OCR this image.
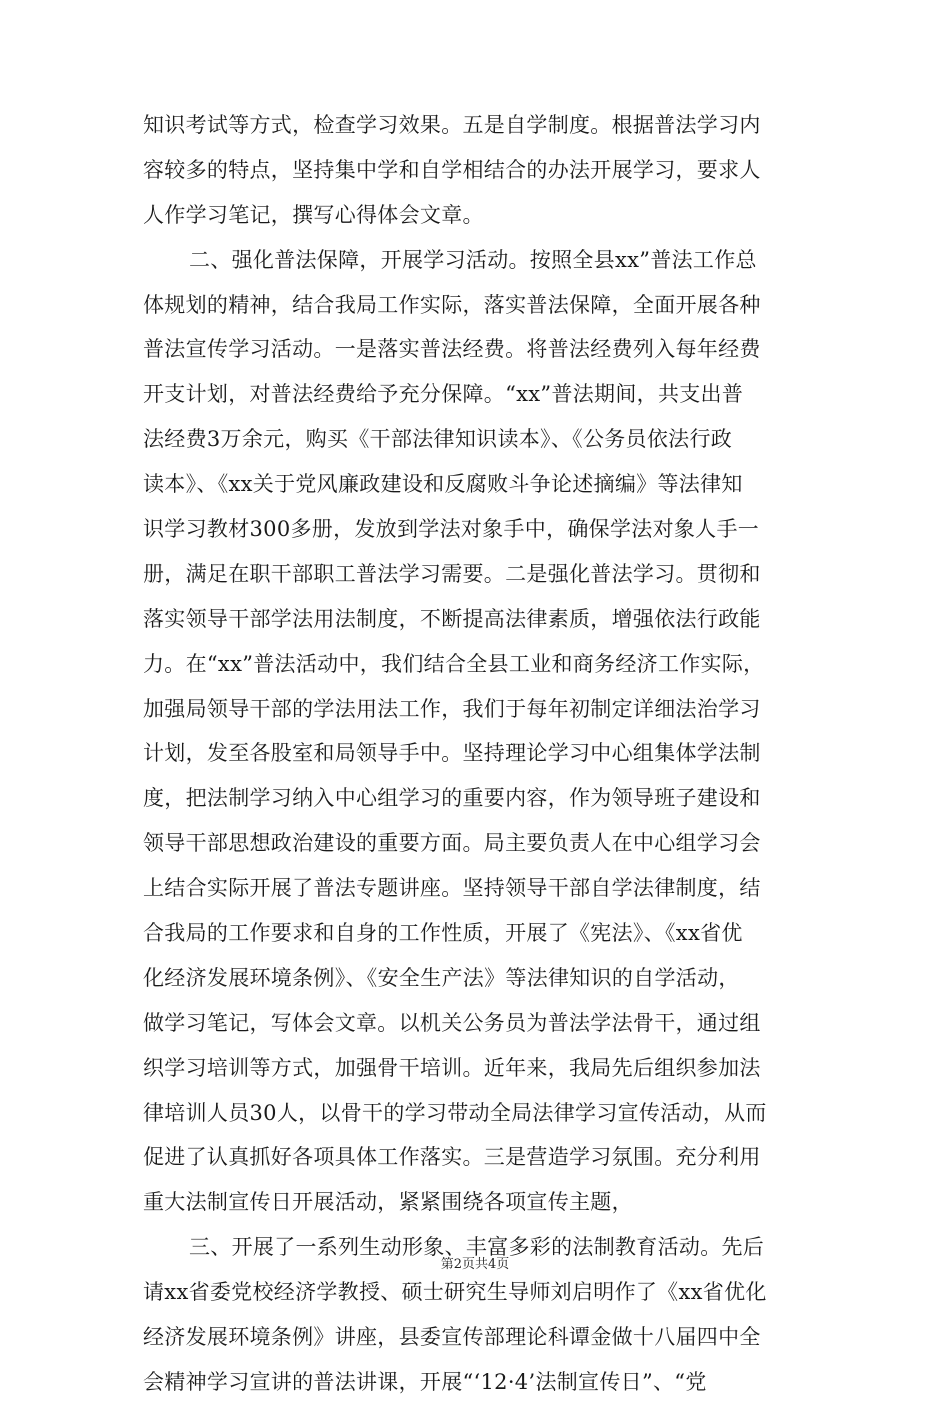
知识考试等方式，检查学习效果。五是自学制度。根据普法学习内
容较多的特点，坚持集中学和自学相结合的办法开展学习，要求人
人作学习笔记，撰写心得体会文章。
二、强化普法保障，开展学习活动。按照全县xx”普法工作总
体规划的精神，结合我局工作实际，落实普法保障，全面开展各种
普法宣传学习活动。一是落实普法经费。将普法经费列入每年经费
开支计划，对普法经费给予充分保障。“xx”普法期间，共支出普
法经费3万余元，购买《干部法律知识读本》、《公务员依法行政
读本》、《xx关于党风廉政建设和反腐败斗争论述摘编》等法律知
识学习教材300多册，发放到学法对象手中，确保学法对象人手一
册，满足在职干部职工普法学习需要。二是强化普法学习。贯彻和
落实领导干部学法用法制度，不断提高法律素质，增强依法行政能
力。在“xx”普法活动中，我们结合全县工业和商务经济工作实际，
加强局领导干部的学法用法工作，我们于每年初制定详细法治学习
计划，发至各股室和局领导手中。坚持理论学习中心组集体学法制
度，把法制学习纳入中心组学习的重要内容，作为领导班子建设和
领导干部思想政治建设的重要方面。局主要负责人在中心组学习会
上结合实际开展了普法专题讲座。坚持领导干部自学法律制度，结
合我局的工作要求和自身的工作性质，开展了《宪法》、《xx省优
化经济发展环境条例》、《安全生产法》等法律知识的自学活动，
做学习笔记，写体会文章。以机关公务员为普法学法骨干，通过组
织学习培训等方式，加强骨干培训。近年来，我局先后组织参加法
律培训人员30人，以骨干的学习带动全局法律学习宣传活动，从而
促进了认真抓好各项具体工作落实。三是营造学习氛围。充分利用
重大法制宣传日开展活动，紧紧围绕各项宣传主题，
三、开展了一系列生动形象、丰富多彩的法制教育活动。先后
请xx省委党校经济学教授、硕士研究生导师刘启明作了《xx省优化
经济发展环境条例》讲座，县委宣传部理论科谭金做十八届四中全
会精神学习宣讲的普法讲课，开展“‘12·4’法制宣传日”、“党
第2页共4页
